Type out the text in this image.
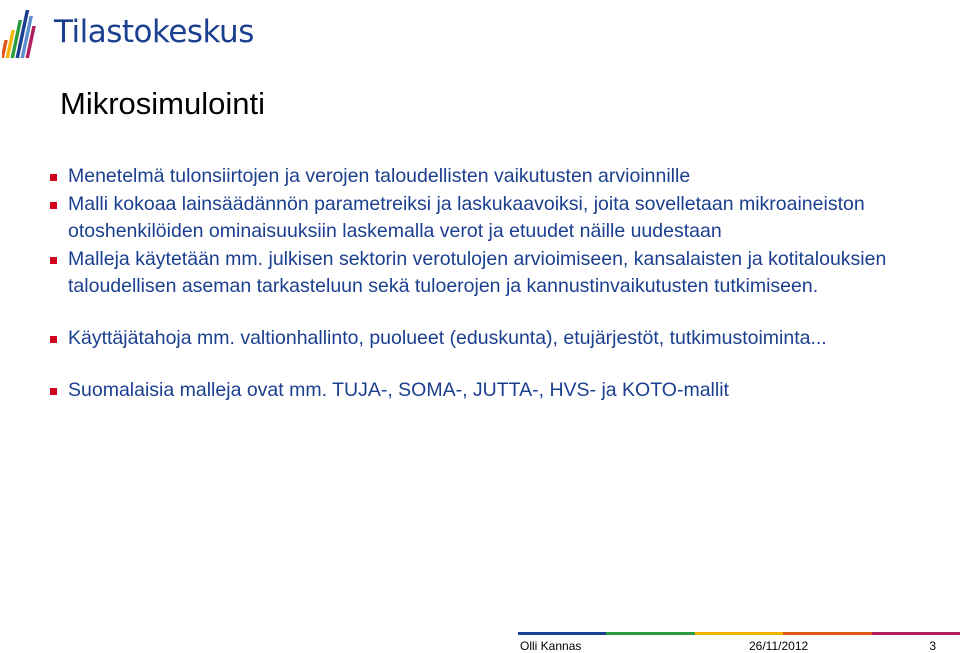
Tilastokeskus
Mikrosimulointi
Menetelmä tulonsiirtojen ja verojen taloudellisten vaikutusten arvioinnille
Malli kokoaa lainsäädännön parametreiksi ja laskukaavoiksi, joita sovelletaan mikroaineiston otoshenkilöiden ominaisuuksiin laskemalla verot ja etuudet näille uudestaan
Malleja käytetään mm. julkisen sektorin verotulojen arvioimiseen, kansalaisten ja kotitalouksien taloudellisen aseman tarkasteluun sekä tuloerojen ja kannustinvaikutusten tutkimiseen.
Käyttäjätahoja mm. valtionhallinto, puolueet (eduskunta), etujärjestöt, tutkimustoiminta...
Suomalaisia malleja ovat mm. TUJA-, SOMA-, JUTTA-, HVS- ja KOTO-mallit
Olli Kannas	26/11/2012	3
